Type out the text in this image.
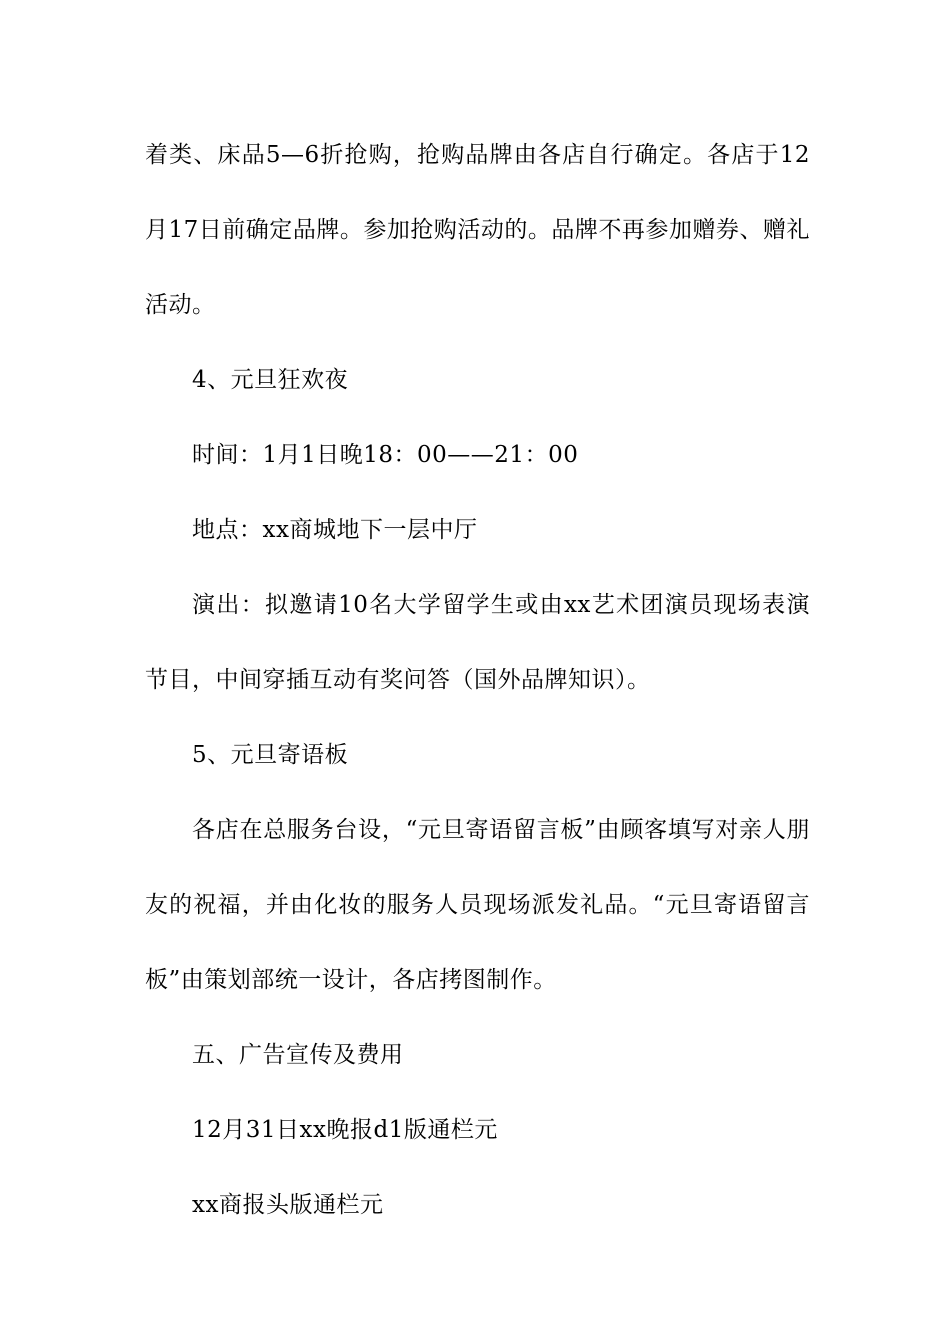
着类、床品5—6折抢购，抢购品牌由各店自行确定。各店于12月17日前确定品牌。参加抢购活动的。品牌不再参加赠券、赠礼活动。

4、元旦狂欢夜

时间：1月1日晚18：00——21：00

地点：xx商城地下一层中厅

演出：拟邀请10名大学留学生或由xx艺术团演员现场表演节目，中间穿插互动有奖问答（国外品牌知识）。

5、元旦寄语板

各店在总服务台设，“元旦寄语留言板”由顾客填写对亲人朋友的祝福，并由化妆的服务人员现场派发礼品。“元旦寄语留言板”由策划部统一设计，各店拷图制作。

五、广告宣传及费用

12月31日xx晚报d1版通栏元

xx商报头版通栏元
